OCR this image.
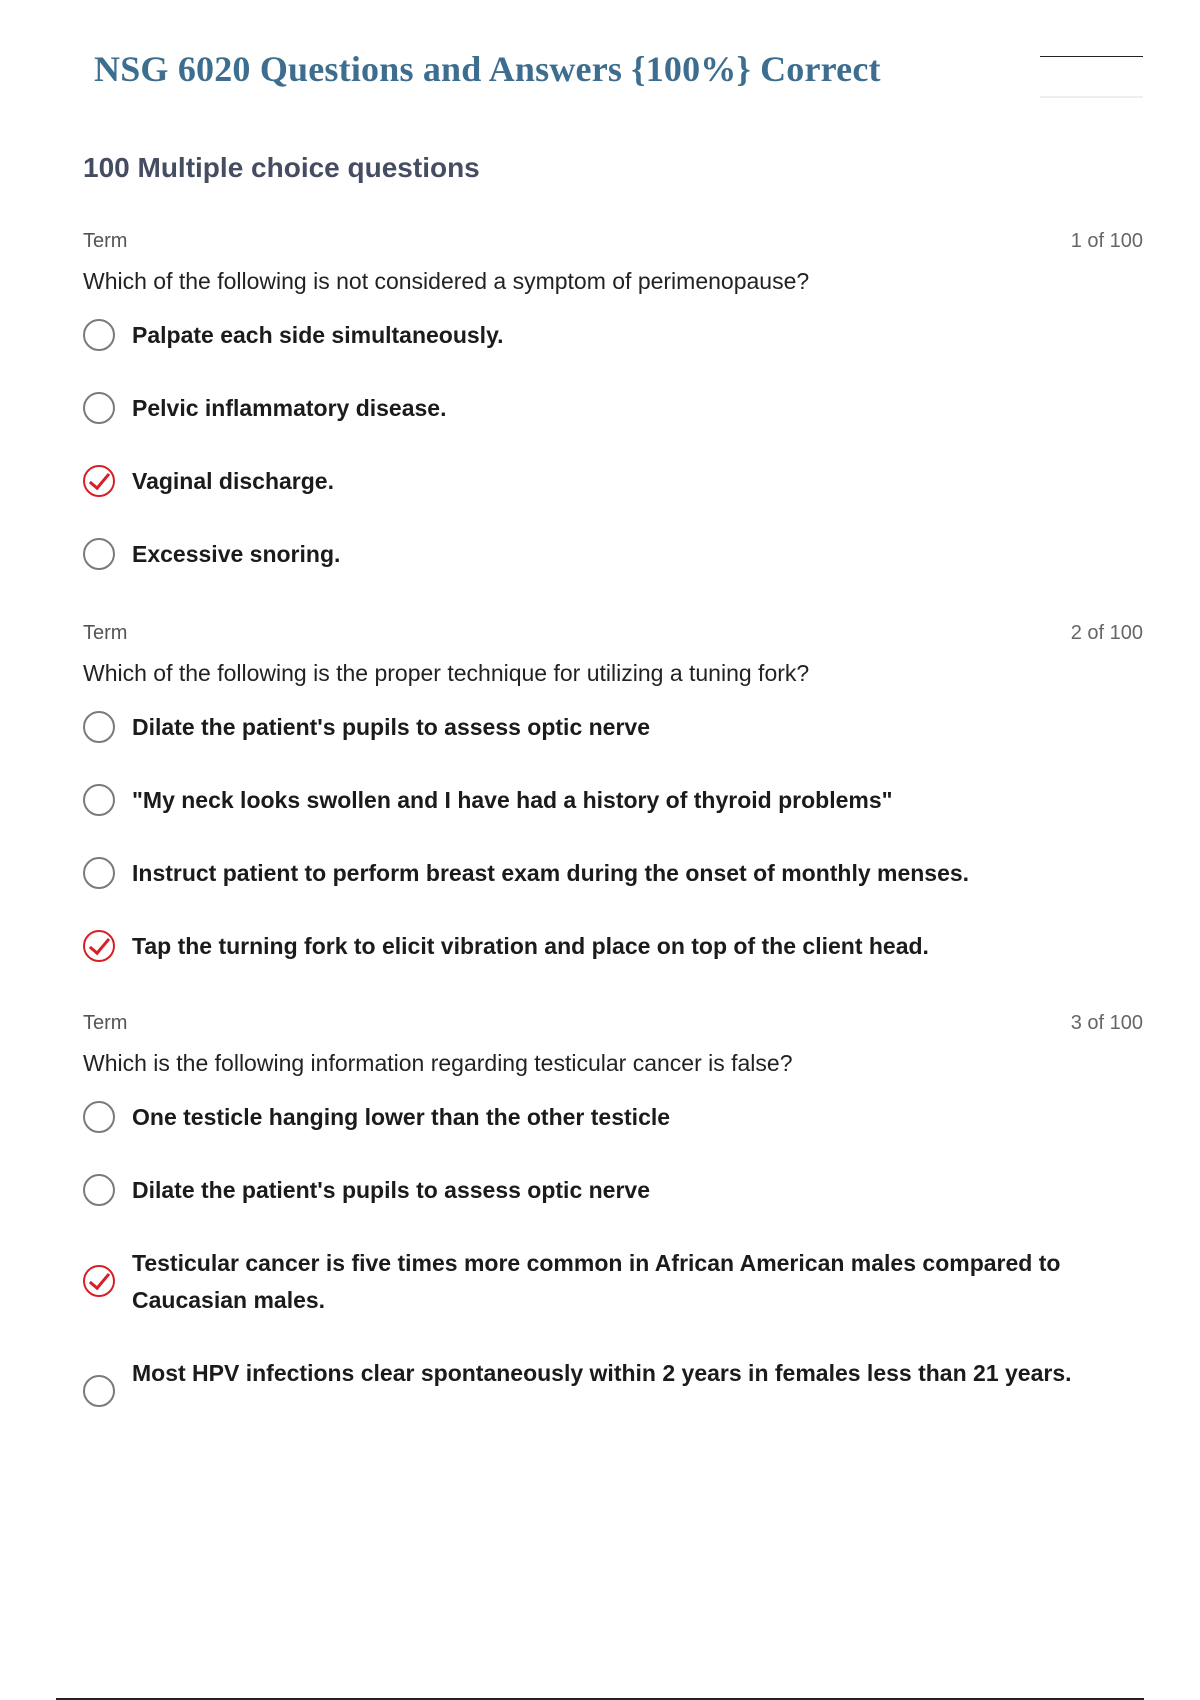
NSG 6020 Questions and Answers {100%} Correct
100 Multiple choice questions
Term	1 of 100
Which of the following is not considered a symptom of perimenopause?
Palpate each side simultaneously.
Pelvic inflammatory disease.
Vaginal discharge.
Excessive snoring.
Term	2 of 100
Which of the following is the proper technique for utilizing a tuning fork?
Dilate the patient's pupils to assess optic nerve
"My neck looks swollen and I have had a history of thyroid problems"
Instruct patient to perform breast exam during the onset of monthly menses.
Tap the turning fork to elicit vibration and place on top of the client head.
Term	3 of 100
Which is the following information regarding testicular cancer is false?
One testicle hanging lower than the other testicle
Dilate the patient's pupils to assess optic nerve
Testicular cancer is five times more common in African American males compared to Caucasian males.
Most HPV infections clear spontaneously within 2 years in females less than 21 years.
